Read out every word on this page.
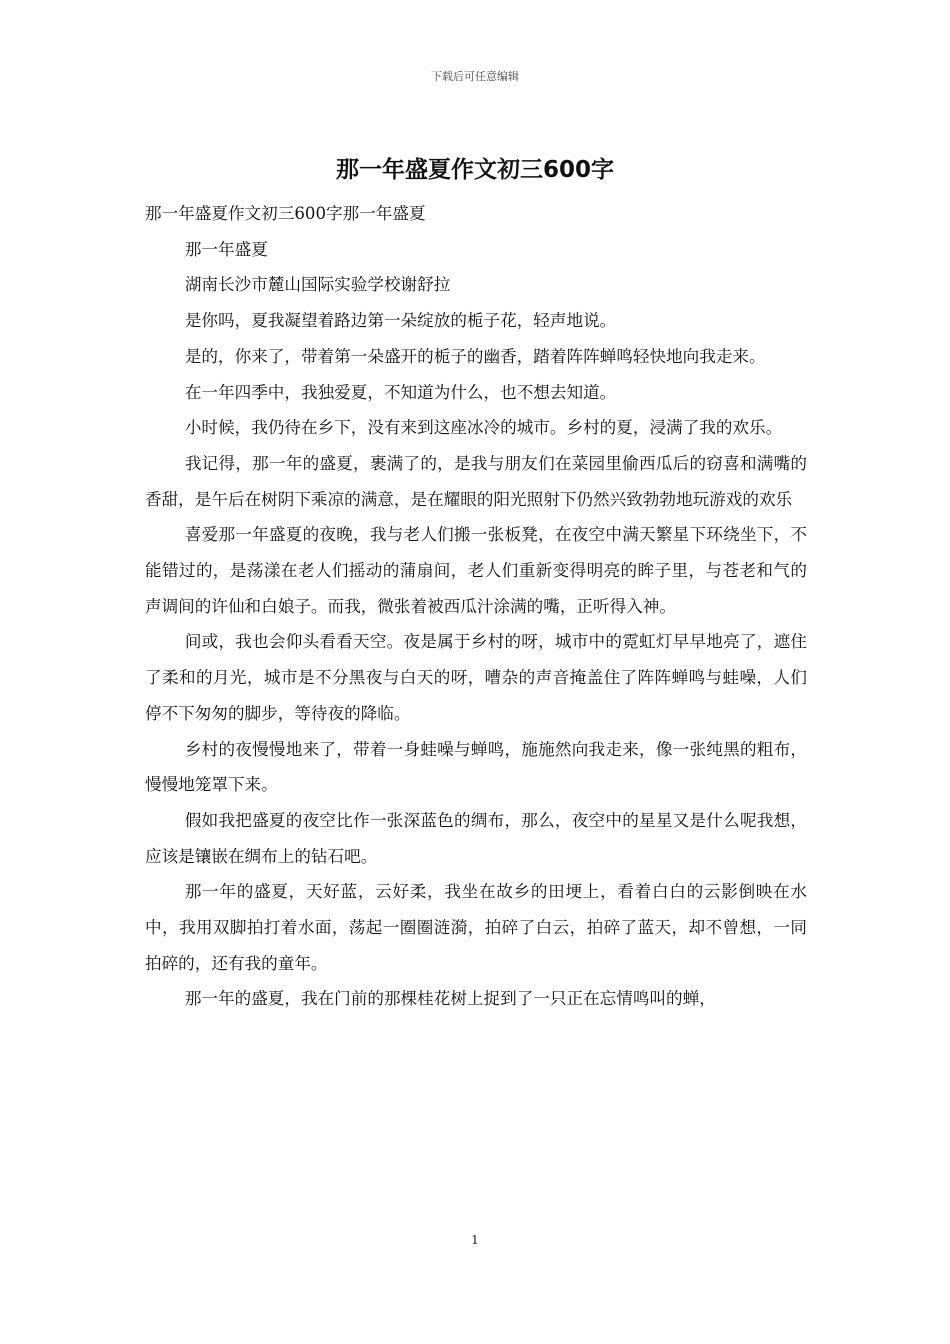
下载后可任意编辑
那一年盛夏作文初三600字

那一年盛夏作文初三600字那一年盛夏

那一年盛夏

湖南长沙市麓山国际实验学校谢舒拉

是你吗，夏我凝望着路边第一朵绽放的栀子花，轻声地说。

是的，你来了，带着第一朵盛开的栀子的幽香，踏着阵阵蝉鸣轻快地向我走来。

在一年四季中，我独爱夏，不知道为什么，也不想去知道。

小时候，我仍待在乡下，没有来到这座冰冷的城市。乡村的夏，浸满了我的欢乐。

我记得，那一年的盛夏，裹满了的，是我与朋友们在菜园里偷西瓜后的窃喜和满嘴的香甜，是午后在树阴下乘凉的满意，是在耀眼的阳光照射下仍然兴致勃勃地玩游戏的欢乐

喜爱那一年盛夏的夜晚，我与老人们搬一张板凳，在夜空中满天繁星下环绕坐下，不能错过的，是荡漾在老人们摇动的蒲扇间，老人们重新变得明亮的眸子里，与苍老和气的声调间的许仙和白娘子。而我，微张着被西瓜汁涂满的嘴，正听得入神。

间或，我也会仰头看看天空。夜是属于乡村的呀，城市中的霓虹灯早早地亮了，遮住了柔和的月光，城市是不分黑夜与白天的呀，嘈杂的声音掩盖住了阵阵蝉鸣与蛙噪，人们停不下匆匆的脚步，等待夜的降临。

乡村的夜慢慢地来了，带着一身蛙噪与蝉鸣，施施然向我走来，像一张纯黑的粗布，慢慢地笼罩下来。

假如我把盛夏的夜空比作一张深蓝色的绸布，那么，夜空中的星星又是什么呢我想，应该是镶嵌在绸布上的钻石吧。

那一年的盛夏，天好蓝，云好柔，我坐在故乡的田埂上，看着白白的云影倒映在水中，我用双脚拍打着水面，荡起一圈圈涟漪，拍碎了白云，拍碎了蓝天，却不曾想，一同拍碎的，还有我的童年。

那一年的盛夏，我在门前的那棵桂花树上捉到了一只正在忘情鸣叫的蝉，

1
